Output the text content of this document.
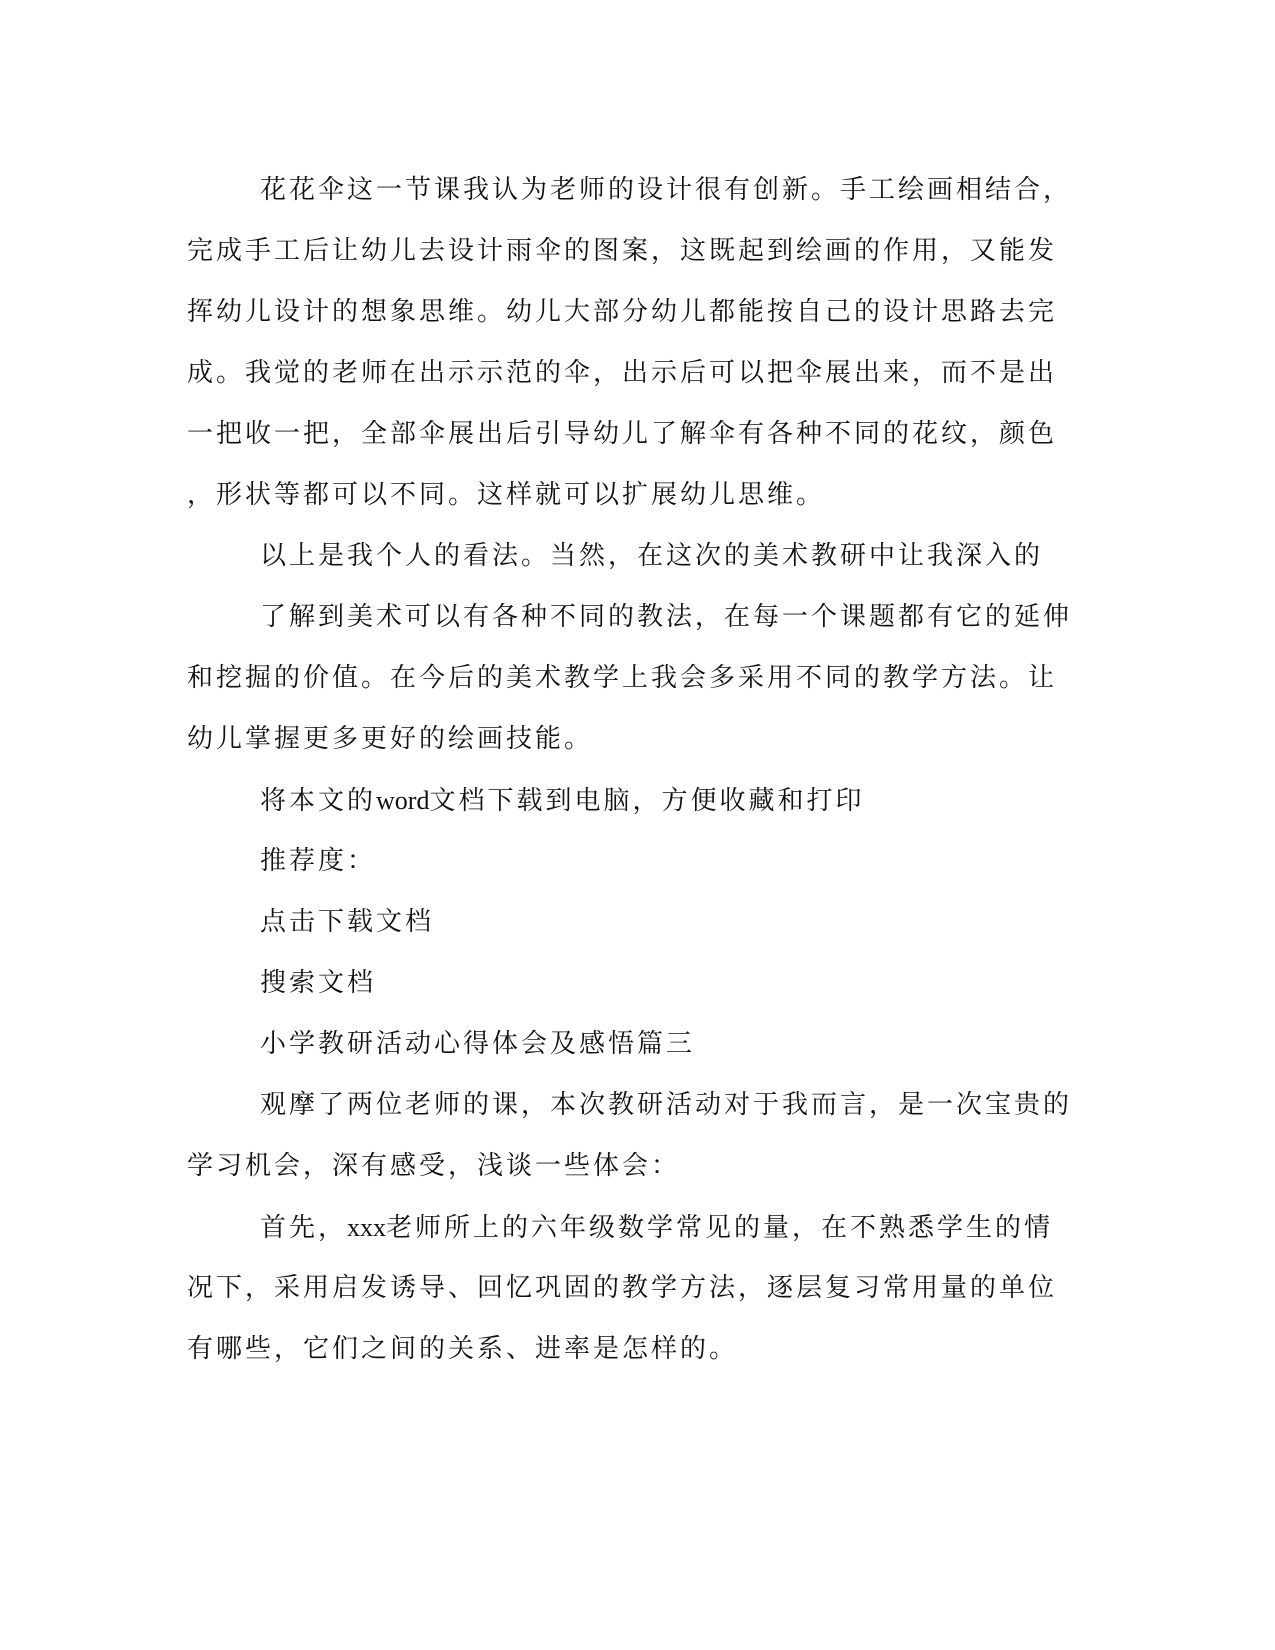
花花伞这一节课我认为老师的设计很有创新。手工绘画相结合，
完成手工后让幼儿去设计雨伞的图案，这既起到绘画的作用，又能发
挥幼儿设计的想象思维。幼儿大部分幼儿都能按自己的设计思路去完
成。我觉的老师在出示示范的伞，出示后可以把伞展出来，而不是出
一把收一把，全部伞展出后引导幼儿了解伞有各种不同的花纹，颜色
，形状等都可以不同。这样就可以扩展幼儿思维。
以上是我个人的看法。当然，在这次的美术教研中让我深入的
了解到美术可以有各种不同的教法，在每一个课题都有它的延伸
和挖掘的价值。在今后的美术教学上我会多采用不同的教学方法。让
幼儿掌握更多更好的绘画技能。
将本文的word文档下载到电脑，方便收藏和打印
推荐度：
点击下载文档
搜索文档
小学教研活动心得体会及感悟篇三
观摩了两位老师的课，本次教研活动对于我而言，是一次宝贵的
学习机会，深有感受，浅谈一些体会：
首先，xxx老师所上的六年级数学常见的量，在不熟悉学生的情
况下，采用启发诱导、回忆巩固的教学方法，逐层复习常用量的单位
有哪些，它们之间的关系、进率是怎样的。
